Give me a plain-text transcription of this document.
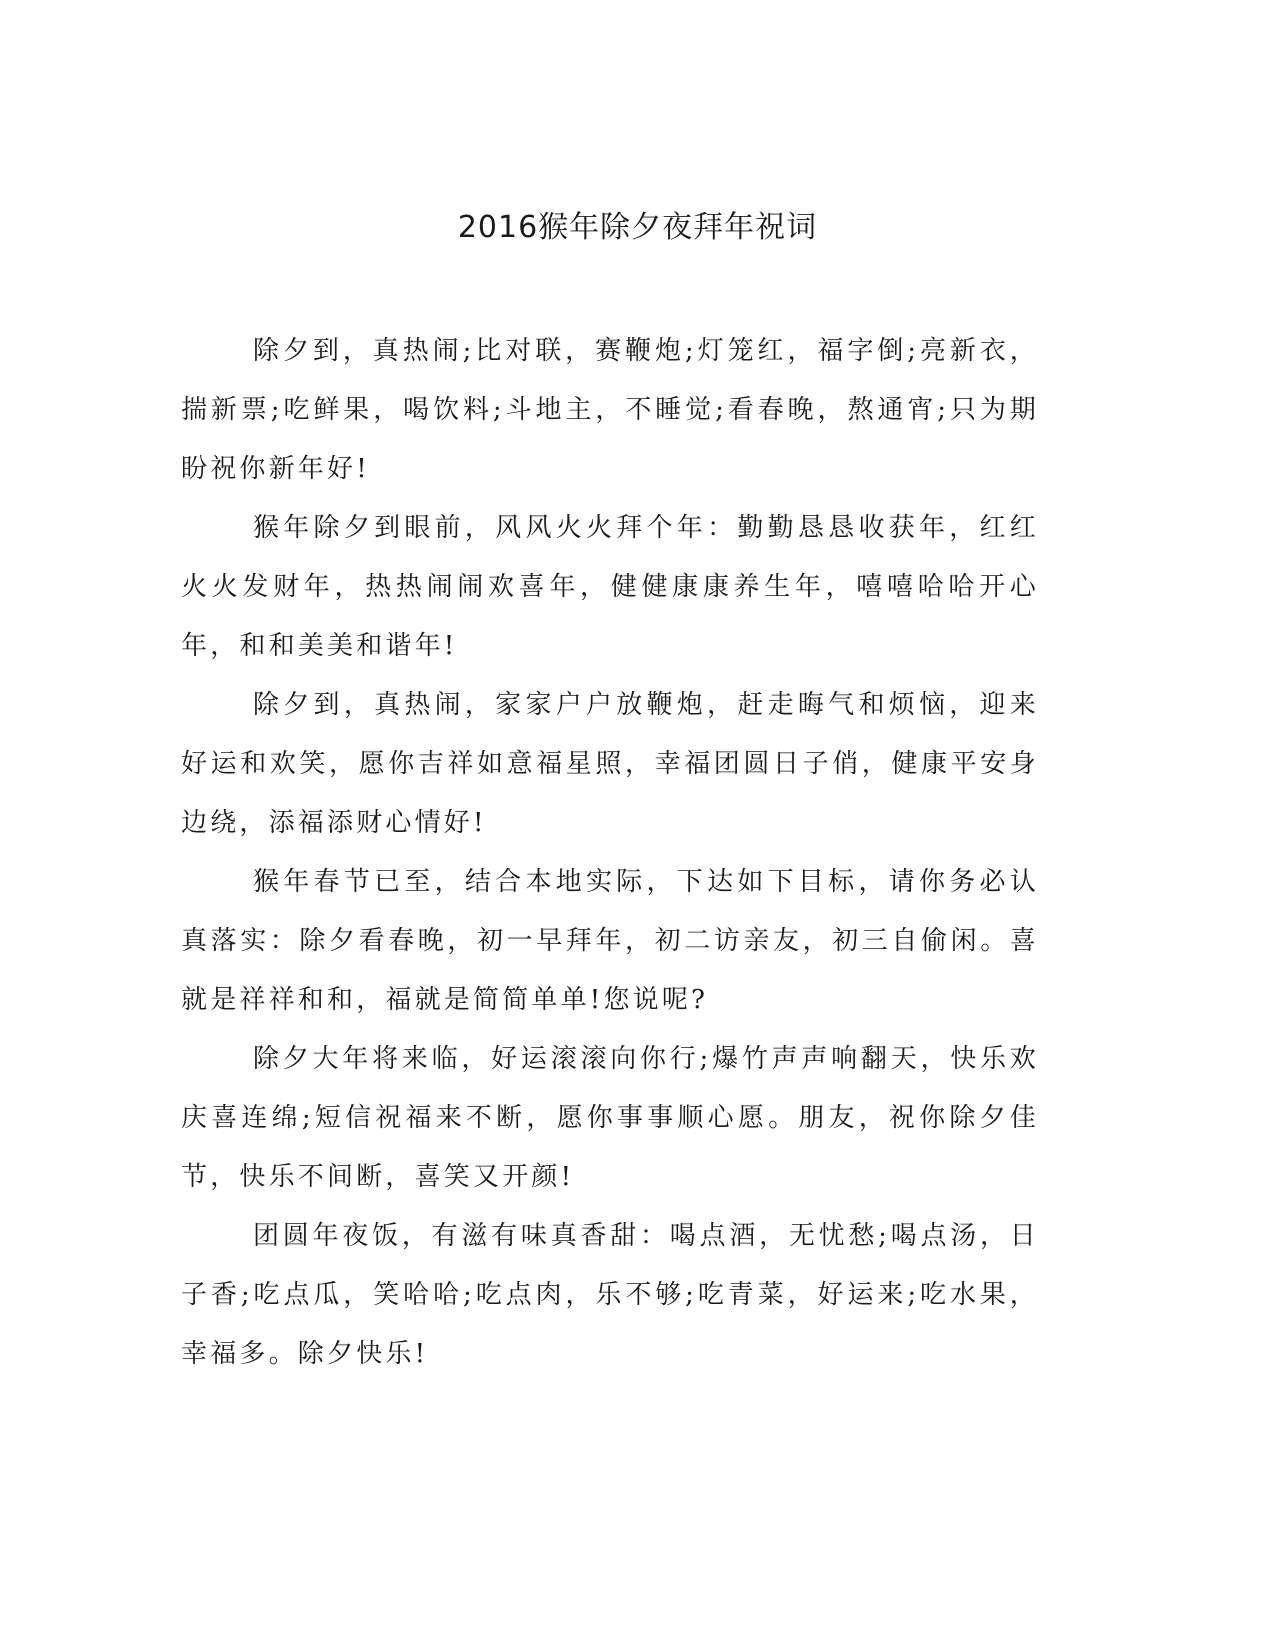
2016猴年除夕夜拜年祝词

除夕到，真热闹;比对联，赛鞭炮;灯笼红，福字倒;亮新衣，揣新票;吃鲜果，喝饮料;斗地主，不睡觉;看春晚，熬通宵;只为期盼祝你新年好!

猴年除夕到眼前，风风火火拜个年：勤勤恳恳收获年，红红火火发财年，热热闹闹欢喜年，健健康康养生年，嘻嘻哈哈开心年，和和美美和谐年!

除夕到，真热闹，家家户户放鞭炮，赶走晦气和烦恼，迎来好运和欢笑，愿你吉祥如意福星照，幸福团圆日子俏，健康平安身边绕，添福添财心情好!

猴年春节已至，结合本地实际，下达如下目标，请你务必认真落实：除夕看春晚，初一早拜年，初二访亲友，初三自偷闲。喜就是祥祥和和，福就是简简单单!您说呢?

除夕大年将来临，好运滚滚向你行;爆竹声声响翻天，快乐欢庆喜连绵;短信祝福来不断，愿你事事顺心愿。朋友，祝你除夕佳节，快乐不间断，喜笑又开颜!

团圆年夜饭，有滋有味真香甜：喝点酒，无忧愁;喝点汤，日子香;吃点瓜，笑哈哈;吃点肉，乐不够;吃青菜，好运来;吃水果，幸福多。除夕快乐!
